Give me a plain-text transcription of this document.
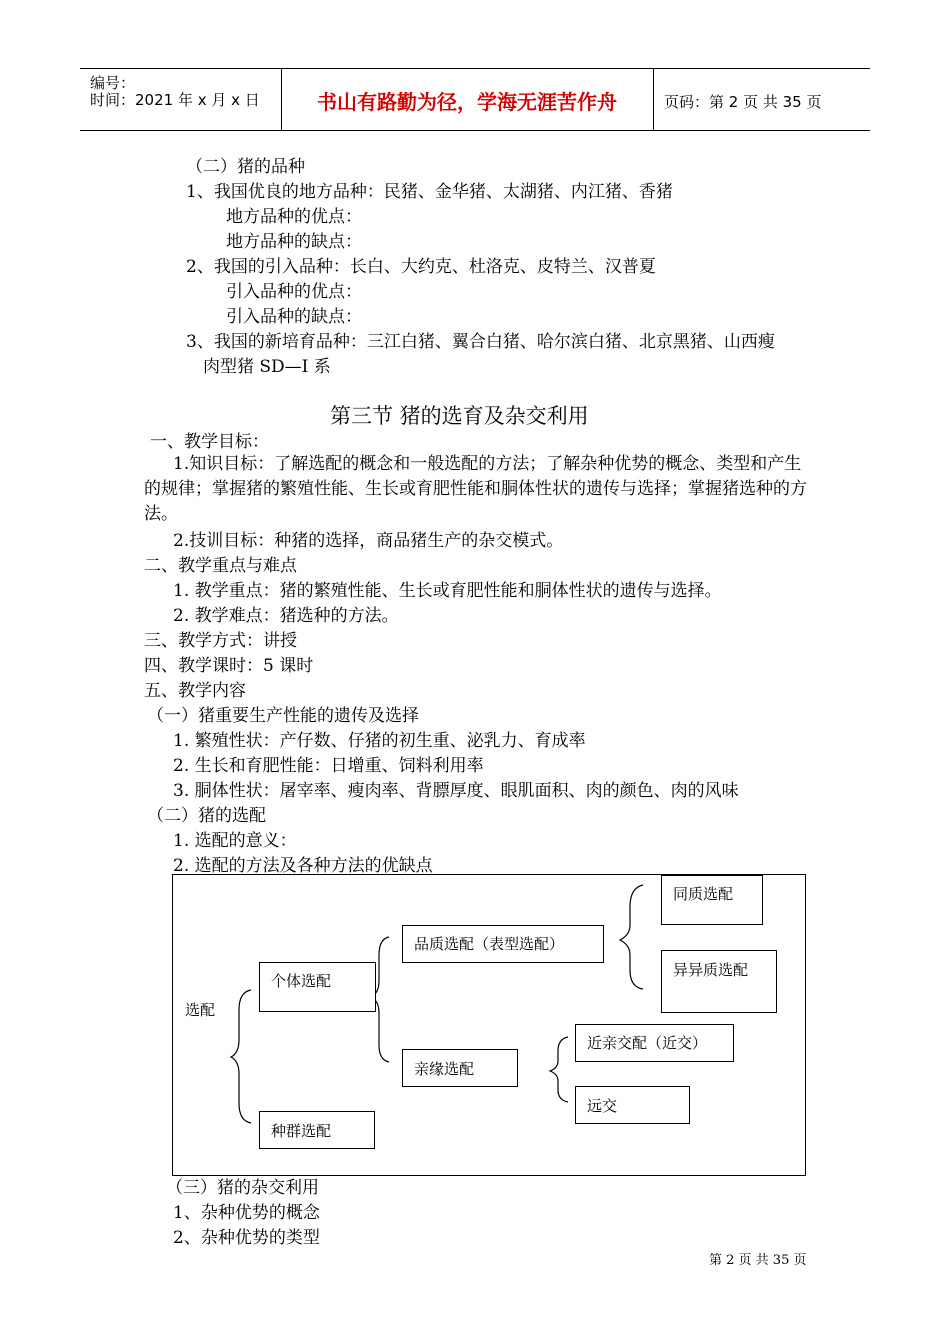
编号：
时间：2021 年 x 月 x 日	书山有路勤为径，学海无涯苦作舟	页码：第 2 页 共 35 页
（二）猪的品种
1、我国优良的地方品种：民猪、金华猪、太湖猪、内江猪、香猪
地方品种的优点：
地方品种的缺点：
2、我国的引入品种：长白、大约克、杜洛克、皮特兰、汉普夏
引入品种的优点：
引入品种的缺点：
3、我国的新培育品种：三江白猪、翼合白猪、哈尔滨白猪、北京黑猪、山西瘦
肉型猪 SD—I 系
第三节 猪的选育及杂交利用
一、教学目标：
1.知识目标：了解选配的概念和一般选配的方法；了解杂种优势的概念、类型和产生的规律；掌握猪的繁殖性能、生长或育肥性能和胴体性状的遗传与选择；掌握猪选种的方法。
2.技训目标：种猪的选择，商品猪生产的杂交模式。
二、教学重点与难点
1. 教学重点：猪的繁殖性能、生长或育肥性能和胴体性状的遗传与选择。
2. 教学难点：猪选种的方法。
三、教学方式：讲授
四、教学课时：5 课时
五、教学内容
（一）猪重要生产性能的遗传及选择
1. 繁殖性状：产仔数、仔猪的初生重、泌乳力、育成率
2. 生长和育肥性能：日增重、饲料利用率
3. 胴体性状：屠宰率、瘦肉率、背膘厚度、眼肌面积、肉的颜色、肉的风味
（二）猪的选配
1. 选配的意义：
2. 选配的方法及各种方法的优缺点
选配
个体选配
种群选配
品质选配（表型选配）
亲缘选配
同质选配
异异质选配
近亲交配（近交）
远交
（三）猪的杂交利用
1、杂种优势的概念
2、杂种优势的类型
第 2 页 共 35 页
